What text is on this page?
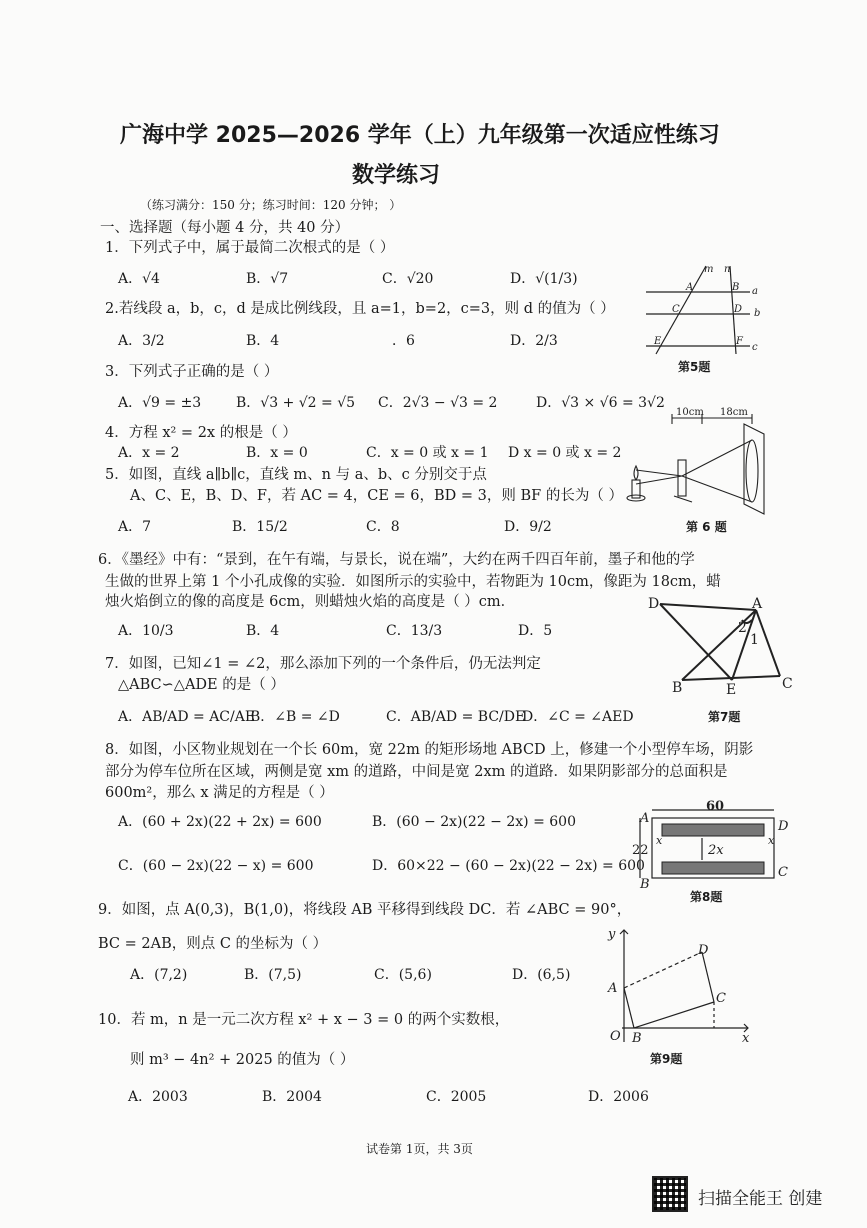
广海中学 2025—2026 学年（上）九年级第一次适应性练习
数学练习
（练习满分：150 分；练习时间：120 分钟； ）
一、选择题（每小题 4 分，共 40 分）
1．下列式子中，属于最简二次根式的是（ ）
A．√4	B．√7	C．√20	D．√(1/3)
2.若线段 a，b，c，d 是成比例线段，且 a=1，b=2，c=3，则 d 的值为（ ）
A．3/2	B．4	．6	D．2/3
3．下列式子正确的是（ ）
A．√9 = ±3 B．√3 + √2 = √5 C．2√3 − √3 = 2	D．√3 × √6 = 3√2
4．方程 x² = 2x 的根是（ ）
A．x = 2	B．x = 0	C．x = 0 或 x = 1 D x = 0 或 x = 2
5．如图，直线 a∥b∥c，直线 m、n 与 a、b、c 分别交于点
A、C、E，B、D、F，若 AC = 4，CE = 6，BD = 3，则 BF 的长为（ ）
A．7	B．15/2	C．8	D．9/2
6．《墨经》中有：“景到，在午有端，与景长，说在端”，大约在两千四百年前，墨子和他的学
生做的世界上第 1 个小孔成像的实验．如图所示的实验中，若物距为 10cm，像距为 18cm，蜡
烛火焰倒立的像的高度是 6cm，则蜡烛火焰的高度是（ ）cm．
A．10/3	B．4	C．13/3	D．5
7．如图，已知∠1 = ∠2，那么添加下列的一个条件后，仍无法判定
△ABC∽△ADE 的是（ ）
A．AB/AD = AC/AE
B．∠B = ∠D	C．AB/AD = BC/DE
D．∠C = ∠AED
8．如图，小区物业规划在一个长 60m，宽 22m 的矩形场地 ABCD 上，修建一个小型停车场，阴影
部分为停车位所在区域，两侧是宽 xm 的道路，中间是宽 2xm 的道路．如果阴影部分的总面积是
600m²，那么 x 满足的方程是（ ）
A．(60 + 2x)(22 + 2x) = 600	B．(60 − 2x)(22 − 2x) = 600
C．(60 − 2x)(22 − x) = 600	D．60×22 − (60 − 2x)(22 − 2x) = 600
9．如图，点 A(0,3)，B(1,0)，将线段 AB 平移得到线段 DC．若 ∠ABC = 90°，
BC = 2AB，则点 C 的坐标为（ ）
A．(7,2)	B．(7,5)	C．(5,6)	D．(6,5)
10．若 m，n 是一元二次方程 x² + x − 3 = 0 的两个实数根，
则 m³ − 4n² + 2025 的值为（ ）
A．2003	B．2004	C．2005	D．2006
m n
A	B a
C	D b
E	F
c
第5题
10cm 18cm
第 6 题
D	A
2
1
B	E	C
第7题
60
A
D
x	x
22	2x
B
C
第8题
y
D
A
C
O B	x
第9题
试卷第 1页，共 3页
扫描全能王 创建
